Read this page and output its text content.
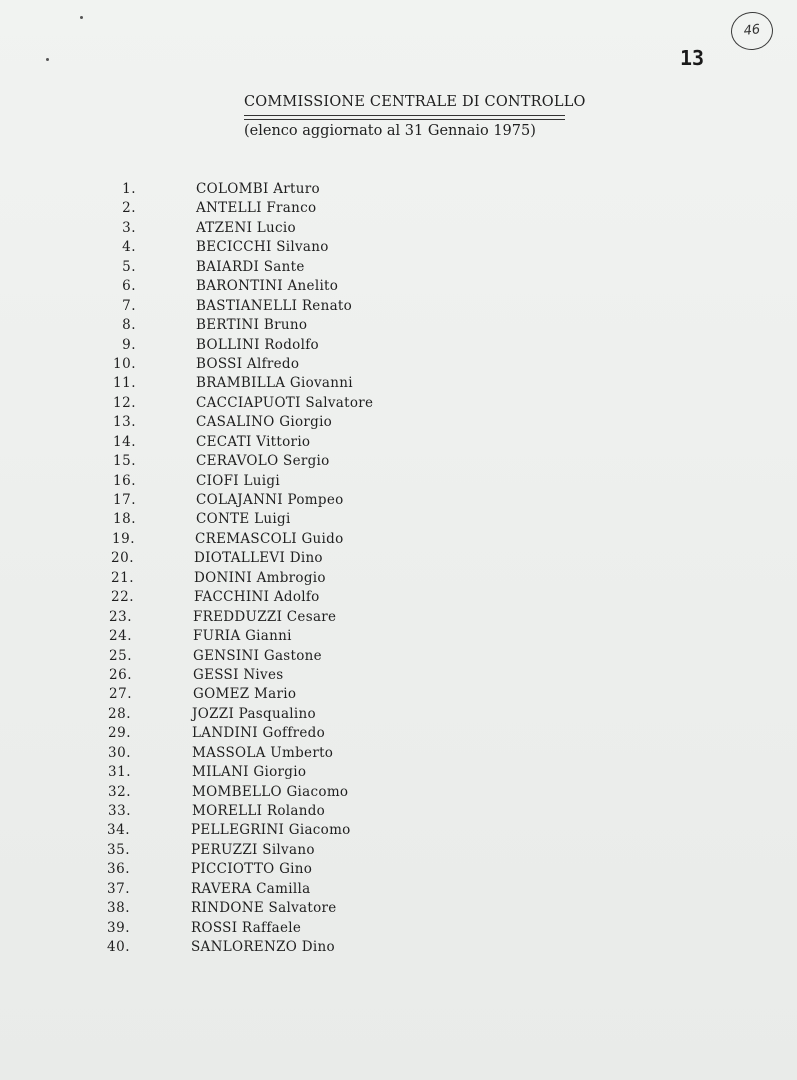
46
13
COMMISSIONE CENTRALE DI CONTROLLO
(elenco aggiornato al 31 Gennaio 1975)
1.	COLOMBI Arturo
2.	ANTELLI Franco
3.	ATZENI Lucio
4.	BECICCHI Silvano
5.	BAIARDI Sante
6.	BARONTINI Anelito
7.	BASTIANELLI Renato
8.	BERTINI Bruno
9.	BOLLINI Rodolfo
10.	BOSSI Alfredo
11.	BRAMBILLA Giovanni
12.	CACCIAPUOTI Salvatore
13.	CASALINO Giorgio
14.	CECATI Vittorio
15.	CERAVOLO Sergio
16.	CIOFI Luigi
17.	COLAJANNI Pompeo
18.	CONTE Luigi
19.	CREMASCOLI Guido
20.	DIOTALLEVI Dino
21.	DONINI Ambrogio
22.	FACCHINI Adolfo
23.	FREDDUZZI Cesare
24.	FURIA Gianni
25.	GENSINI Gastone
26.	GESSI Nives
27.	GOMEZ Mario
28.	JOZZI Pasqualino
29.	LANDINI Goffredo
30.	MASSOLA Umberto
31.	MILANI Giorgio
32.	MOMBELLO Giacomo
33.	MORELLI Rolando
34.	PELLEGRINI Giacomo
35.	PERUZZI Silvano
36.	PICCIOTTO Gino
37.	RAVERA Camilla
38.	RINDONE Salvatore
39.	ROSSI Raffaele
40.	SANLORENZO Dino
